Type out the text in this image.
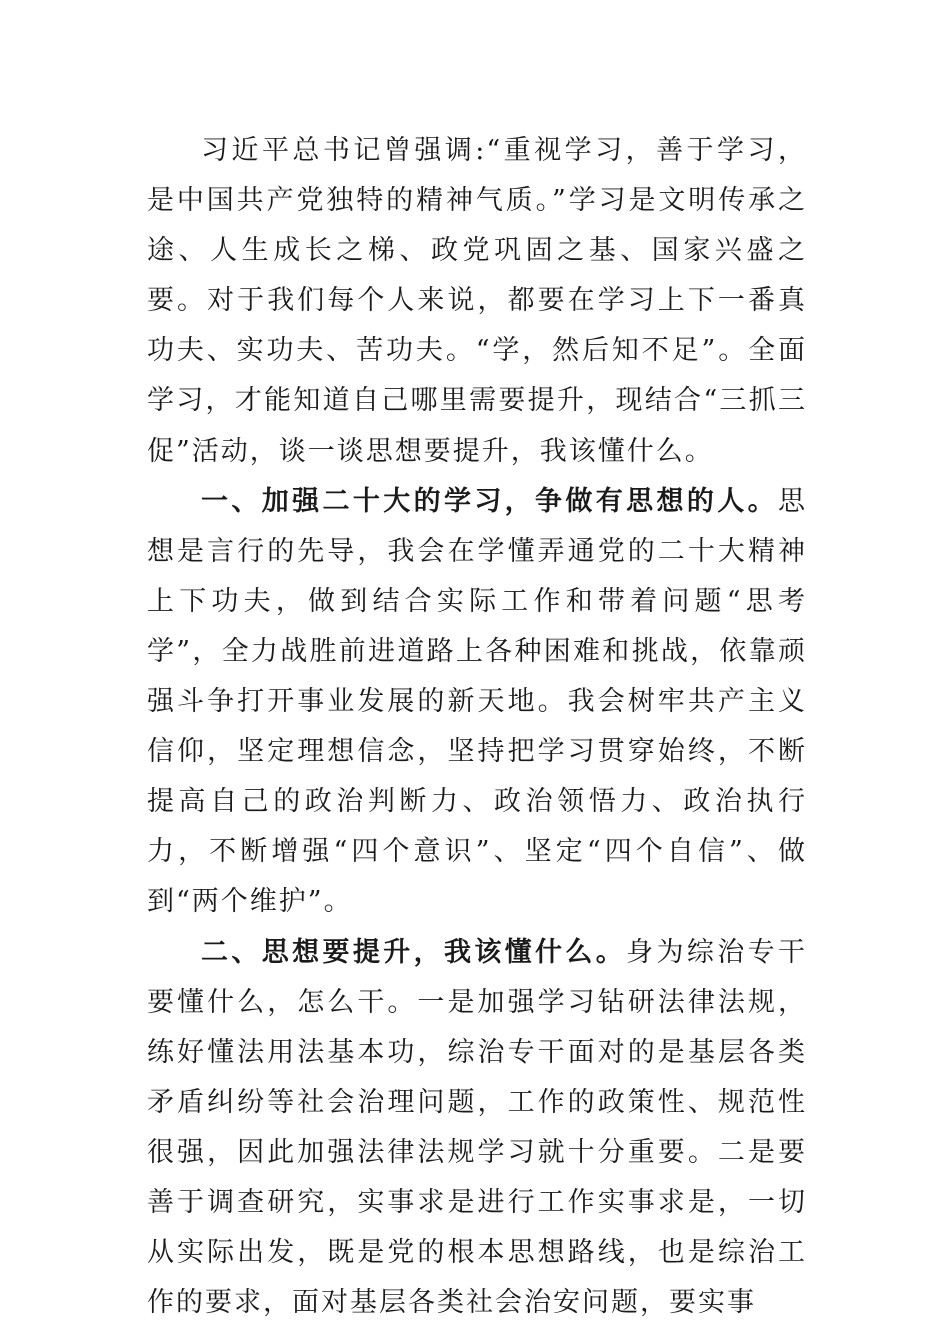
习近平总书记曾强调:“重视学习，善于学习，是中国共产党独特的精神气质。”学习是文明传承之途、人生成长之梯、政党巩固之基、国家兴盛之要。对于我们每个人来说，都要在学习上下一番真功夫、实功夫、苦功夫。“学，然后知不足”。全面学习，才能知道自己哪里需要提升，现结合“三抓三促”活动，谈一谈思想要提升，我该懂什么。

一、加强二十大的学习，争做有思想的人。思想是言行的先导，我会在学懂弄通党的二十大精神上下功夫，做到结合实际工作和带着问题“思考学”，全力战胜前进道路上各种困难和挑战，依靠顽强斗争打开事业发展的新天地。我会树牢共产主义信仰，坚定理想信念，坚持把学习贯穿始终，不断提高自己的政治判断力、政治领悟力、政治执行力，不断增强“四个意识”、坚定“四个自信”、做到“两个维护”。

二、思想要提升，我该懂什么。身为综治专干要懂什么，怎么干。一是加强学习钻研法律法规，练好懂法用法基本功，综治专干面对的是基层各类矛盾纠纷等社会治理问题，工作的政策性、规范性很强，因此加强法律法规学习就十分重要。二是要善于调查研究，实事求是进行工作实事求是，一切从实际出发，既是党的根本思想路线，也是综治工作的要求，面对基层各类社会治安问题，要实事
